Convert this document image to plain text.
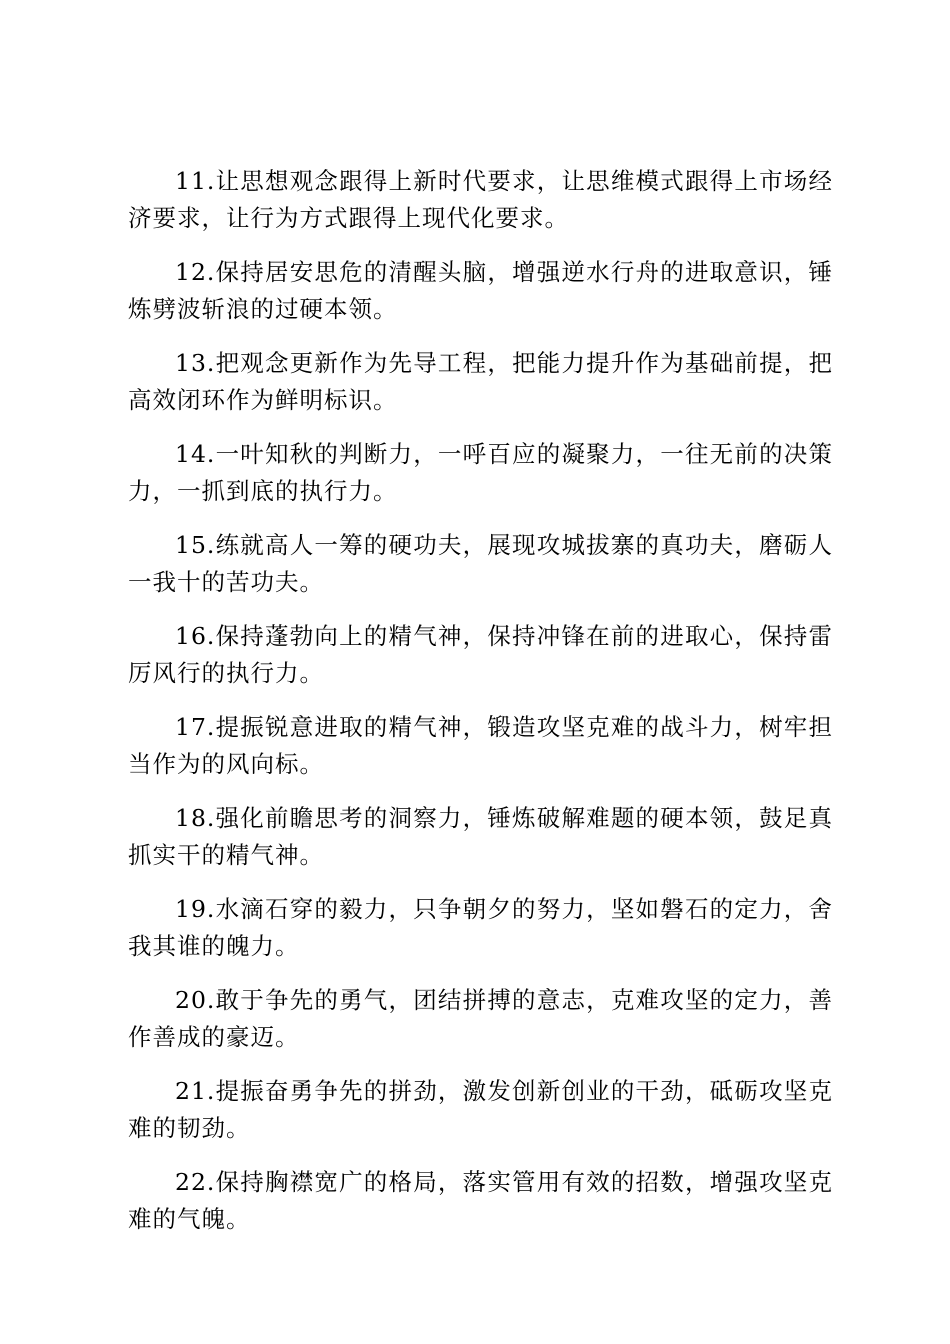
11.让思想观念跟得上新时代要求，让思维模式跟得上市场经济要求，让行为方式跟得上现代化要求。

12.保持居安思危的清醒头脑，增强逆水行舟的进取意识，锤炼劈波斩浪的过硬本领。

13.把观念更新作为先导工程，把能力提升作为基础前提，把高效闭环作为鲜明标识。

14.一叶知秋的判断力，一呼百应的凝聚力，一往无前的决策力，一抓到底的执行力。

15.练就高人一筹的硬功夫，展现攻城拔寨的真功夫，磨砺人一我十的苦功夫。

16.保持蓬勃向上的精气神，保持冲锋在前的进取心，保持雷厉风行的执行力。

17.提振锐意进取的精气神，锻造攻坚克难的战斗力，树牢担当作为的风向标。

18.强化前瞻思考的洞察力，锤炼破解难题的硬本领，鼓足真抓实干的精气神。

19.水滴石穿的毅力，只争朝夕的努力，坚如磐石的定力，舍我其谁的魄力。

20.敢于争先的勇气，团结拼搏的意志，克难攻坚的定力，善作善成的豪迈。

21.提振奋勇争先的拼劲，激发创新创业的干劲，砥砺攻坚克难的韧劲。

22.保持胸襟宽广的格局，落实管用有效的招数，增强攻坚克难的气魄。
